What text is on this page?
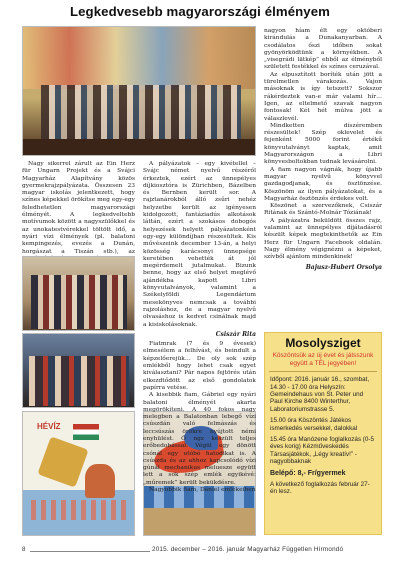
Legkedvesebb magyarországi élményem

Nagy sikerrel zárult az Ein Herz für Ungarn Projekt és a Svájci Magyarház Alapítvány közös gyermekrajzpályázata. Összesen 23 magyar iskolás jelentkezett, hogy színes képekkel örökítse meg egy-egy feledhetetlen magyarországi élményét. A legkedveltebb motívumok között a nagyszülőkkel és az unokatestvérekkel töltött idő, a nyári vízi élmények (pl. balatoni kempingezés, evezés a Dunán, horgászat a Tiszán stb.), az

HÉVÍZ

A pályázatok – egy kivétellel – Svájc német nyelvű részéről érkeztek, ezért az ünnepélyes díjkiosztóra is Zürichben, Bázelben és Bernben került sor. A rajztanárokból álló zsűri nehéz helyzetbe került az igényesen kidolgozott, fantáziadús alkotások láttán, ezért a szokásos dobogós helyezések helyett pályázatonként egy-egy különdíjban részesültek. Kis művészeink december 13-án, a helyi közösség karácsonyi ünnepsége keretében vehették át jól megérdemelt jutalmukat. Bizunk benne, hogy az első helyet meglévő ajándékba kapott Libri könyvutalványok, valamint a Székelyföldi Legendárium mesekönyves nemcsak a további rajzoláshoz, de a magyar nyelvű olvasáshoz is kedvet csinálnak majd a kisiskolásoknak.

Csiszár Rita

Fiatmrak (7 és 9 évesek) elmesélem a felhívást, és beindult a képzelőerejük… De oly sok szép emlékből hogy lehet csak egyet kiválasztani? Pár napos fejtörés után elkezdtődött az első gondolatok papírra vetése.

A kisebbik fiam, Gábriel egy nyári balatoni élményét akarta megörökíteni. A 40 fokos nagy melegben a Balatonban lebegő vízi csúszdán való felmászás és leccsúszás örökre nyújtott némi enyhülést. Ő ngz készült teljes erőbedobással. Végül egy dönött csónál egy utóbó hatodikat is. A csúszda és az ahhoz kapcsolódó vízi gúnál mechanikus meluesze együtt lett a sok szép emlék egyikévé: „műremek” került bekükdésre.

Nagyobbik fiam, Dániel emlékeiben

nagyon híam élt egy októberi kirándulás a Dunakanyarban. A csodálatos őszi időben sokat gyönyörködtünk a környékben. A „visegrádi lätkép” ebből az élményből született festékkel és színes ceruzával.

Az elpusztított boríték után jött a türelmetlen várakozás. Vajon másoknak is így tetszett? Sokszor rákérdeztek van-e már valami hír… Igen, az eltelmető szavak nagyon fontosak! Két hét múlva jött a válaszlevél.

Mindketten díszéremben részesültek! Szép oklevelet és fejenként 5000 forint értékű könyvutalványt kaptak, amit Magyarországon a Libri könyvesboltokban tudnak levásárolni.

A fiam nagyon vágnák, hogy újabb magyar nyelvű könyvvel gazdagodjanak, és ösztönzése. Köszönöm az ilyen pályázatokat, és a Magyarház ösztönzés érdekes volt.

Köszönet a szervezőknek, Csiszár Ritának és Szántó-Molnár Tóziának!

A pályázatra beküldött összes rajz, valamint az ünnepélyes díjátadásról készült képek megtekinthetők az Ein Herz für Ungarn Facebook oldalán. Nagy élmény végignézni a képeket, szívből ajánlom mindenkinek!

Bajusz-Hubert Orsolya
Mosolysziget
Köszöntsük az új évet és játsszunk együtt a TÉL jegyében!
Időpont: 2016. január 16., szombat, 14.30 - 17.00 óra Helyszín: Gemeindehaus von St. Peter und Paul Kirche 8400 Winterthur, Laboratoriumstrasse 5.
15.00 óra Köszöntés Játékos ismerkedés versekkel, dalokkal
15.45 óra Manózene foglalkozás (0-5 éves korig) Kézműveskedés Társasjátékok, „Légy kreatív!” - nagyobbaknak
Belépő: 8,- Fr/gyermek
A következő foglalkozás február 27-én lesz.
8	2015. december – 2016. január Magyarház Független Hírmondó
